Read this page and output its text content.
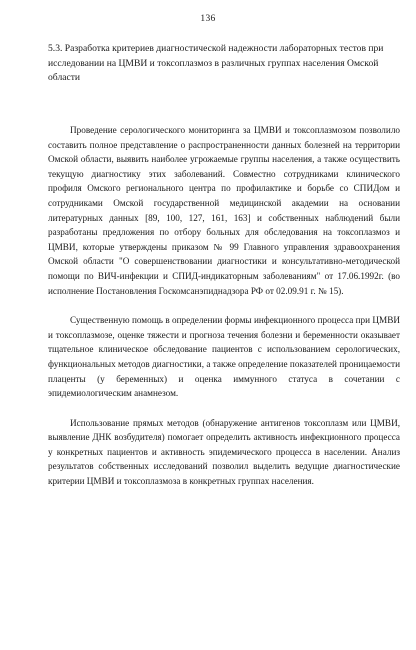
136
5.3. Разработка критериев диагностической надежности лабораторных тестов при исследовании на ЦМВИ и токсоплазмоз в различных группах населения Омской области

Проведение серологического мониторинга за ЦМВИ и токсоплазмозом позволило составить полное представление о распространенности данных болезней на территории Омской области, выявить наиболее угрожаемые группы населения, а также осуществить текущую диагностику этих заболеваний. Совместно сотрудниками клинического профиля Омского регионального центра по профилактике и борьбе со СПИДом и сотрудниками Омской государственной медицинской академии на основании литературных данных [89, 100, 127, 161, 163] и собственных наблюдений были разработаны предложения по отбору больных для обследования на токсоплазмоз и ЦМВИ, которые утверждены приказом № 99 Главного управления здравоохранения Омской области "О совершенствовании диагностики и консультативно-методической помощи по ВИЧ-инфекции и СПИД-индикаторным заболеваниям" от 17.06.1992г. (во исполнение Постановления Госкомсанэпиднадзора РФ от 02.09.91 г. № 15).

Существенную помощь в определении формы инфекционного процесса при ЦМВИ и токсоплазмозе, оценке тяжести и прогноза течения болезни и беременности оказывает тщательное клиническое обследование пациентов с использованием серологических, функциональных методов диагностики, а также определение показателей проницаемости плаценты (у беременных) и оценка иммунного статуса в сочетании с эпидемиологическим анамнезом.

Использование прямых методов (обнаружение антигенов токсоплазм или ЦМВИ, выявление ДНК возбудителя) помогает определить активность инфекционного процесса у конкретных пациентов и активность эпидемического процесса в населении. Анализ результатов собственных исследований позволил выделить ведущие диагностические критерии ЦМВИ и токсоплазмоза в конкретных группах населения.
